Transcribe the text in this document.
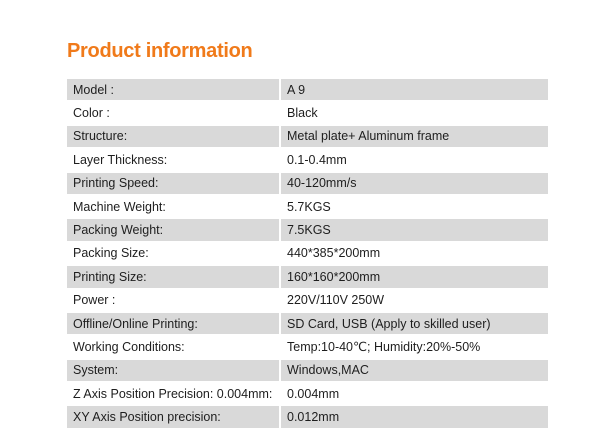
Product information
Model :	A 9
Color :	Black
Structure:	Metal plate+ Aluminum frame
Layer Thickness:	0.1-0.4mm
Printing Speed:	40-120mm/s
Machine Weight:	5.7KGS
Packing Weight:	7.5KGS
Packing Size:	440*385*200mm
Printing Size:	160*160*200mm
Power :	220V/110V 250W
Offline/Online Printing:	SD Card, USB (Apply to skilled user)
Working Conditions:	Temp:10-40℃; Humidity:20%-50%
System:	Windows,MAC
Z Axis Position Precision: 0.004mm:	0.004mm
XY Axis Position precision:	0.012mm
